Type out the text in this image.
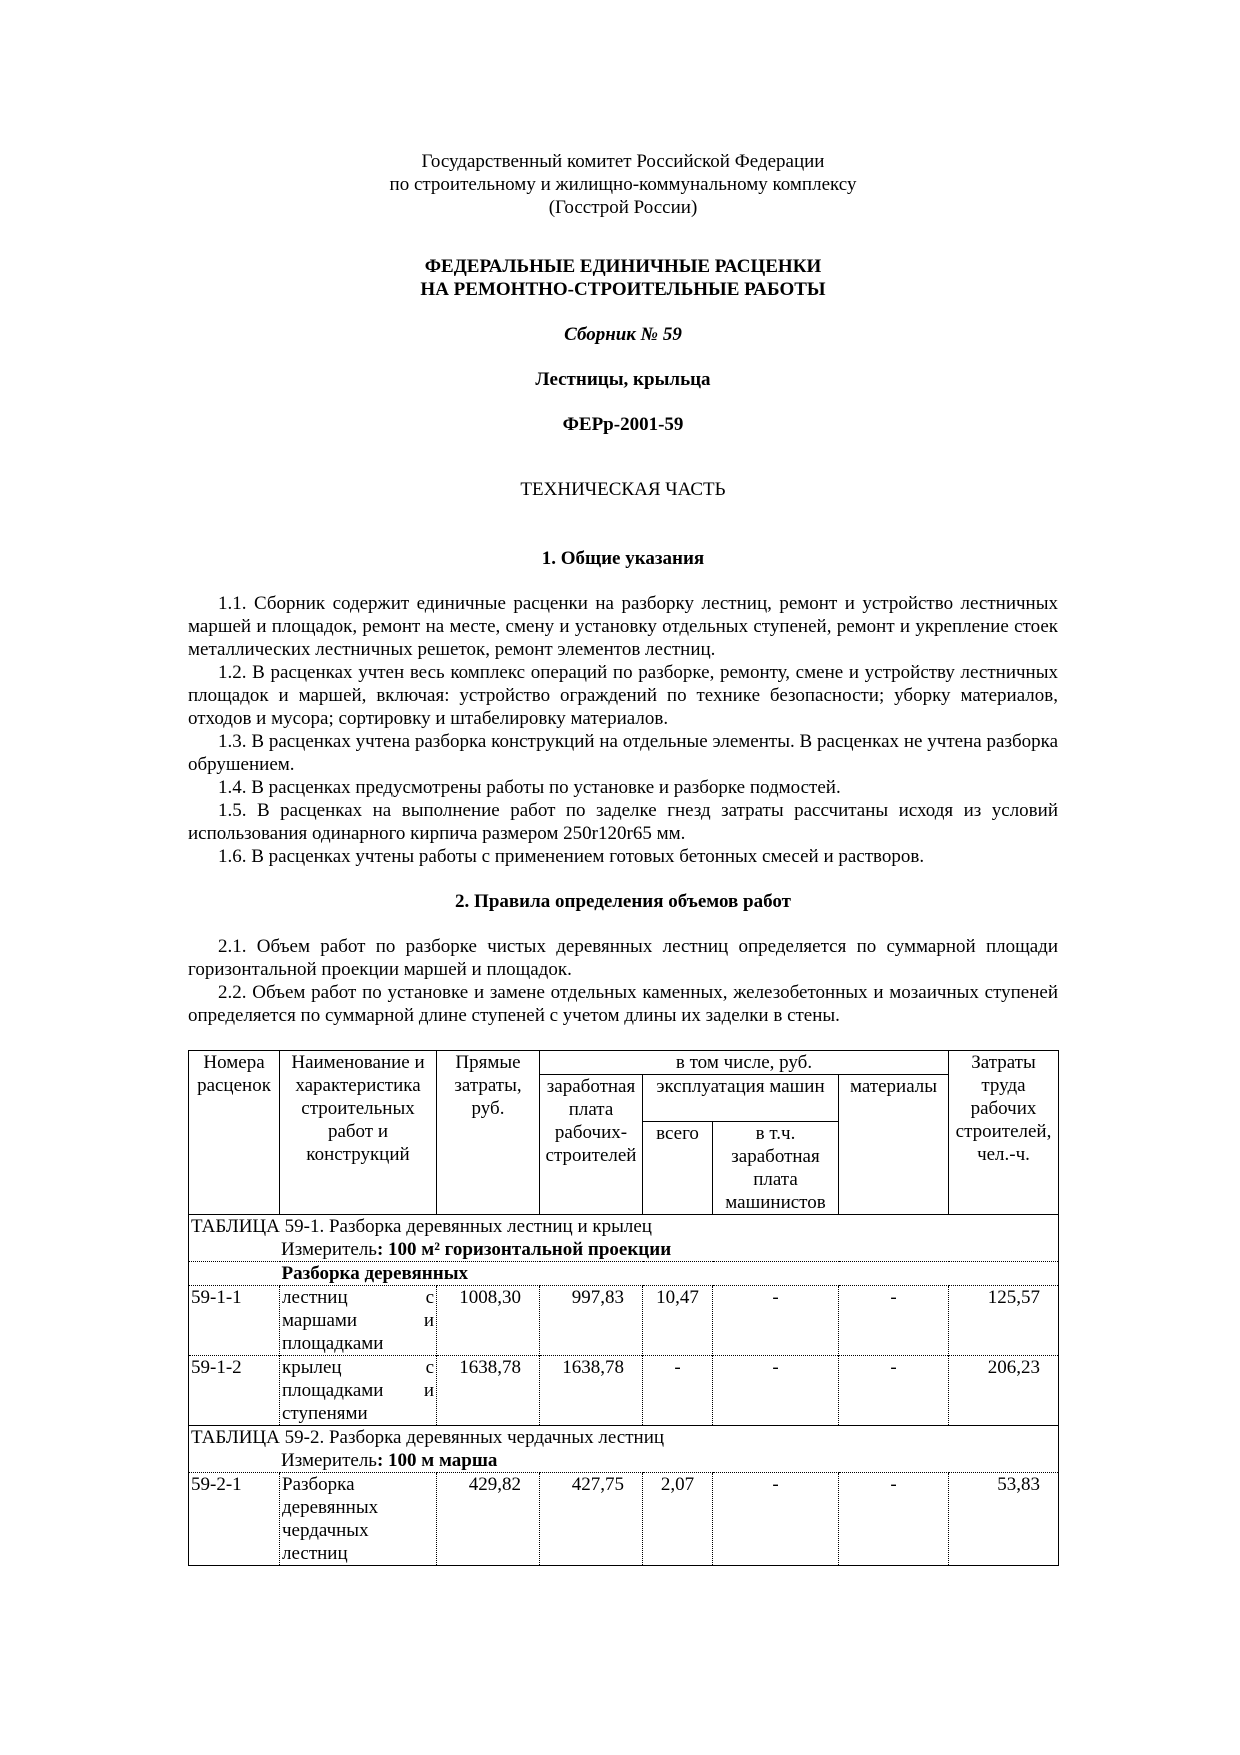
Государственный комитет Российской Федерации
по строительному и жилищно-коммунальному комплексу
(Госстрой России)
ФЕДЕРАЛЬНЫЕ ЕДИНИЧНЫЕ РАСЦЕНКИ
НА РЕМОНТНО-СТРОИТЕЛЬНЫЕ РАБОТЫ
Сборник № 59
Лестницы, крыльца
ФЕРр-2001-59
ТЕХНИЧЕСКАЯ ЧАСТЬ
1. Общие указания

1.1. Сборник содержит единичные расценки на разборку лестниц, ремонт и устройство лестничных маршей и площадок, ремонт на месте, смену и установку отдельных ступеней, ремонт и укрепление стоек металлических лестничных решеток, ремонт элементов лестниц.

1.2. В расценках учтен весь комплекс операций по разборке, ремонту, смене и устройству лестничных площадок и маршей, включая: устройство ограждений по технике безопасности; уборку материалов, отходов и мусора; сортировку и штабелировку материалов.

1.3. В расценках учтена разборка конструкций на отдельные элементы. В расценках не учтена разборка обрушением.

1.4. В расценках предусмотрены работы по установке и разборке подмостей.

1.5. В расценках на выполнение работ по заделке гнезд затраты рассчитаны исходя из условий использования одинарного кирпича размером 250r120r65 мм.

1.6. В расценках учтены работы с применением готовых бетонных смесей и растворов.

2. Правила определения объемов работ

2.1. Объем работ по разборке чистых деревянных лестниц определяется по суммарной площади горизонтальной проекции маршей и площадок.

2.2. Объем работ по установке и замене отдельных каменных, железобетонных и мозаичных ступеней определяется по суммарной длине ступеней с учетом длины их заделки в стены.

Номера расценок	Наименование и характеристика строительных работ и конструкций	Прямые затраты, руб.	в том числе, руб.				Затраты труда рабочих строителей, чел.-ч.
			заработная плата рабочих-строителей	эксплуатация машин		материалы	
				всего	в т.ч. заработная плата машинистов		
ТАБЛИЦА 59-1. Разборка деревянных лестниц и крылец							
Измеритель: 100 м² горизонтальной проекции							
	Разборка деревянных						
59-1-1	лестниц с
маршами и
площадками	1008,30	997,83	10,47	-	-	125,57
59-1-2	крылец с
площадками и
ступенями	1638,78	1638,78	-	-	-	206,23
ТАБЛИЦА 59-2. Разборка деревянных чердачных лестниц							
Измеритель: 100 м марша							
59-2-1	Разборка
деревянных
чердачных
лестниц	429,82	427,75	2,07	-	-	53,83
